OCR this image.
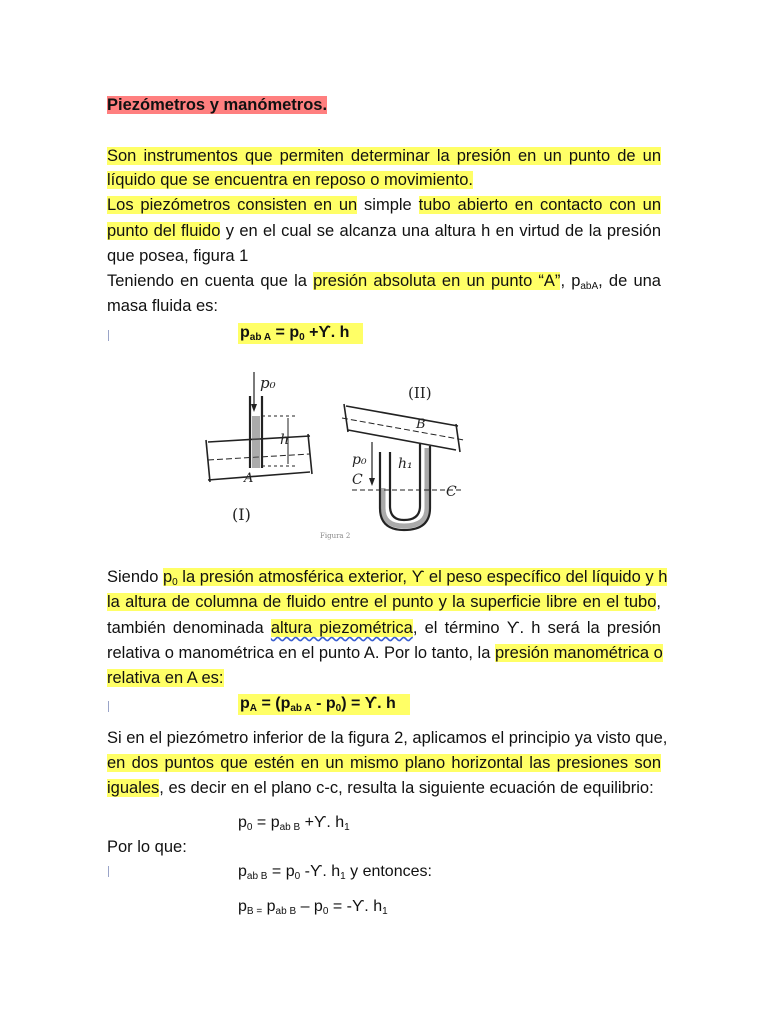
Piezómetros y manómetros.
Son instrumentos que permiten determinar la presión en un punto de un
líquido que se encuentra en reposo o movimiento.
Los piezómetros consisten en un simple tubo abierto en contacto con un
punto del fluido y en el cual se alcanza una altura h en virtud de la presión
que posea, figura 1
Teniendo en cuenta que la presión absoluta en un punto “A”, $p_{abA}$, de una
masa fluida es:
$p_{ab A} = p_0 +ϒ$. h
h
p₀
A
(I)
(II)
B
p₀ h₁
C
C
Figura 2
Siendo $p_0$ la presión atmosférica exterior, ϒ el peso específico del líquido y h
la altura de columna de fluido entre el punto y la superficie libre en el tubo,
también denominada altura piezométrica, el término ϒ. h será la presión
relativa o manométrica en el punto A. Por lo tanto, la presión manométrica o
relativa en A es:
$p_A = (p_{ab A} - p_0) = ϒ$. h
Si en el piezómetro inferior de la figura 2, aplicamos el principio ya visto que,
en dos puntos que estén en un mismo plano horizontal las presiones son
iguales, es decir en el plano c-c, resulta la siguiente ecuación de equilibrio:
$p_0 = p_{ab B} +ϒ$. $h_1$
Por lo que:
$p_{ab B} = p_0$ -ϒ. $h_1$ y entonces:
$p_{B =}$ $p_{ab B} - p_0 = -ϒ$. $h_1$
